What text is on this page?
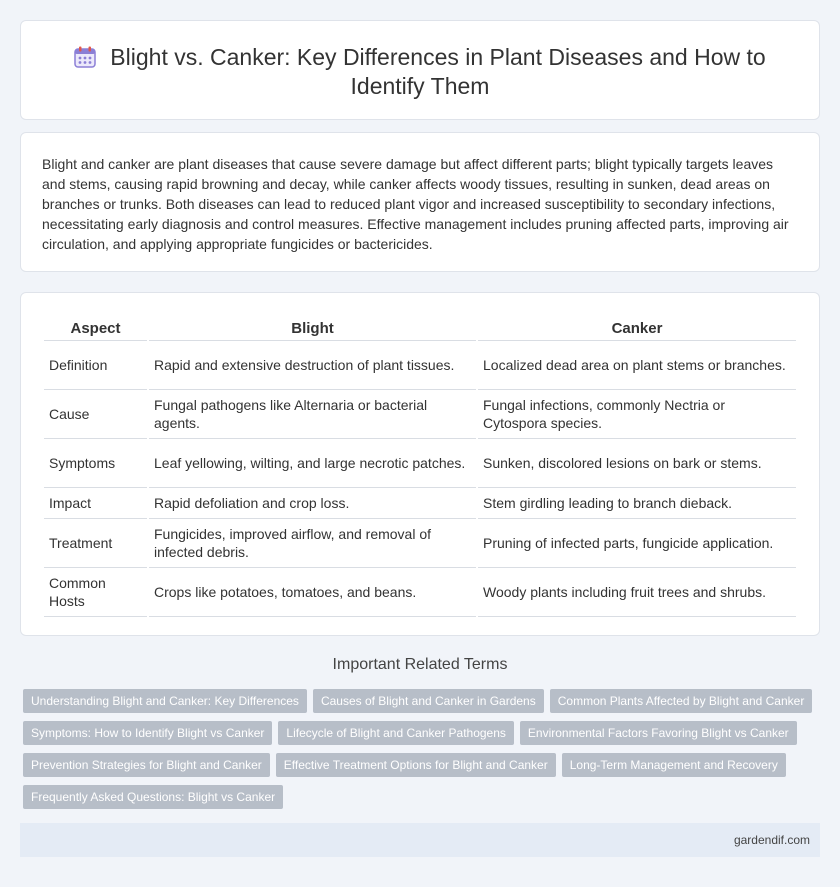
Blight vs. Canker: Key Differences in Plant Diseases and How to Identify Them

Blight and canker are plant diseases that cause severe damage but affect different parts; blight typically targets leaves and stems, causing rapid browning and decay, while canker affects woody tissues, resulting in sunken, dead areas on branches or trunks. Both diseases can lead to reduced plant vigor and increased susceptibility to secondary infections, necessitating early diagnosis and control measures. Effective management includes pruning affected parts, improving air circulation, and applying appropriate fungicides or bactericides.

Aspect	Blight	Canker
Definition	Rapid and extensive destruction of plant tissues.	Localized dead area on plant stems or branches.
Cause	Fungal pathogens like Alternaria or bacterial agents.	Fungal infections, commonly Nectria or Cytospora species.
Symptoms	Leaf yellowing, wilting, and large necrotic patches.	Sunken, discolored lesions on bark or stems.
Impact	Rapid defoliation and crop loss.	Stem girdling leading to branch dieback.
Treatment	Fungicides, improved airflow, and removal of infected debris.	Pruning of infected parts, fungicide application.
Common Hosts	Crops like potatoes, tomatoes, and beans.	Woody plants including fruit trees and shrubs.
Important Related Terms
Understanding Blight and Canker: Key Differences Causes of Blight and Canker in Gardens Common Plants Affected by Blight and Canker
Symptoms: How to Identify Blight vs Canker Lifecycle of Blight and Canker Pathogens Environmental Factors Favoring Blight vs Canker
Prevention Strategies for Blight and Canker Effective Treatment Options for Blight and Canker Long-Term Management and Recovery
Frequently Asked Questions: Blight vs Canker
gardendif.com
